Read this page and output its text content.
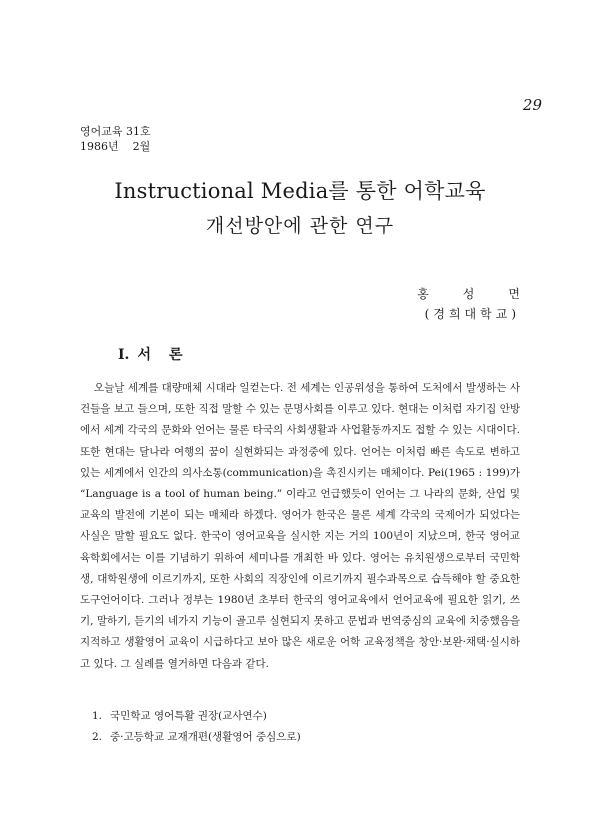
29
영어교육 31호
1986년    2월
Instructional Media를 통한 어학교육
개선방안에 관한 연구
홍성면
(경희대학교)
I. 서론

오늘날 세계를 대량매체 시대라 일컫는다. 전 세계는 인공위성을 통하여 도처에서 발생하는 사건들을 보고 들으며, 또한 직접 말할 수 있는 문명사회를 이루고 있다. 현대는 이처럼 자기집 안방에서 세계 각국의 문화와 언어는 물론 타국의 사회생활과 사업활동까지도 접할 수 있는 시대이다. 또한 현대는 달나라 여행의 꿈이 실현화되는 과정중에 있다. 언어는 이처럼 빠른 속도로 변하고 있는 세계에서 인간의 의사소통(communication)을 촉진시키는 매체이다. Pei(1965 : 199)가 “Language is a tool of human being.” 이라고 언급했듯이 언어는 그 나라의 문화, 산업 및 교육의 발전에 기본이 되는 매체라 하겠다. 영어가 한국은 물론 세계 각국의 국제어가 되었다는 사실은 말할 필요도 없다. 한국이 영어교육을 실시한 지는 거의 100년이 지났으며, 한국 영어교육학회에서는 이를 기념하기 위하여 세미나를 개최한 바 있다. 영어는 유치원생으로부터 국민학생, 대학원생에 이르기까지, 또한 사회의 직장인에 이르기까지 필수과목으로 습득해야 할 중요한 도구언어이다. 그러나 정부는 1980년 초부터 한국의 영어교육에서 언어교육에 필요한 읽기, 쓰기, 말하기, 듣기의 네가지 기능이 골고루 실현되지 못하고 문법과 번역중심의 교육에 치중했음을 지적하고 생활영어 교육이 시급하다고 보아 많은 새로운 어학 교육정책을 창안·보완·채택·실시하고 있다. 그 실례를 열거하면 다음과 같다.

1. 국민학교 영어특활 권장(교사연수)
2. 중·고등학교 교재개편(생활영어 중심으로)
